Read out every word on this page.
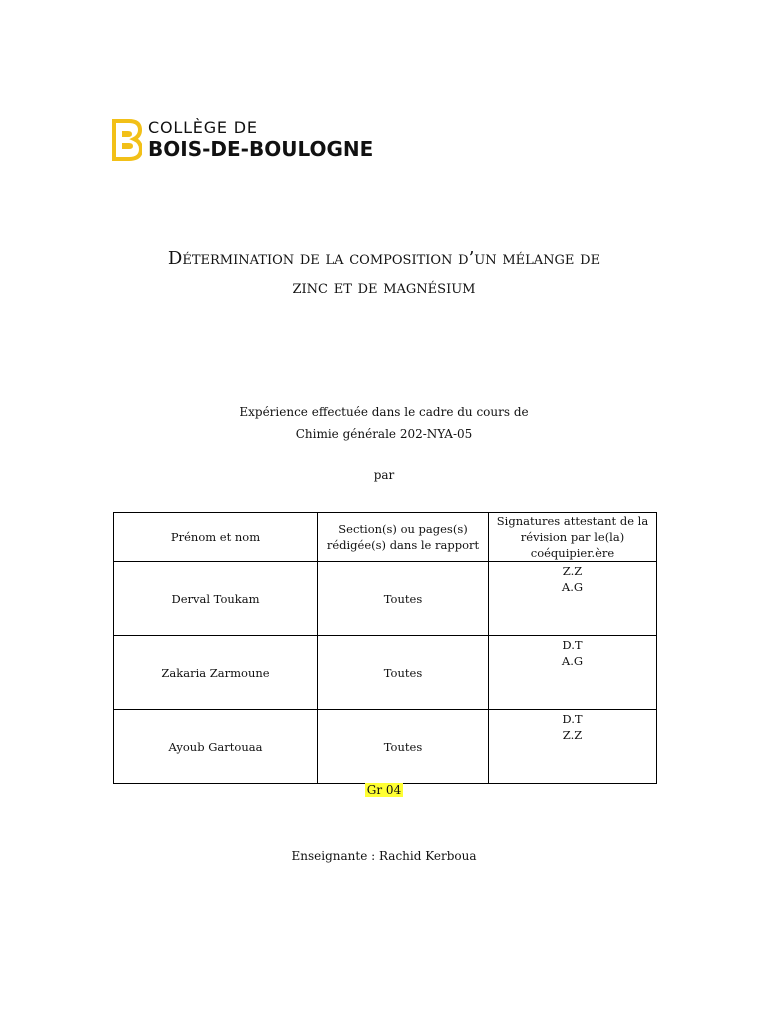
COLLÈGE DE
BOIS-DE-BOULOGNE
Détermination de la composition d’un mélange de
zinc et de magnésium
Expérience effectuée dans le cadre du cours de
Chimie générale 202-NYA-05
par
Prénom et nom	Section(s) ou pages(s) rédigée(s) dans le rapport	Signatures attestant de la révision par le(la) coéquipier.ère
Derval Toukam	Toutes	Z.Z
A.G

Zakaria Zarmoune	Toutes	D.T
A.G

Ayoub Gartouaa	Toutes	D.T
Z.Z
Gr 04
Enseignante : Rachid Kerboua
